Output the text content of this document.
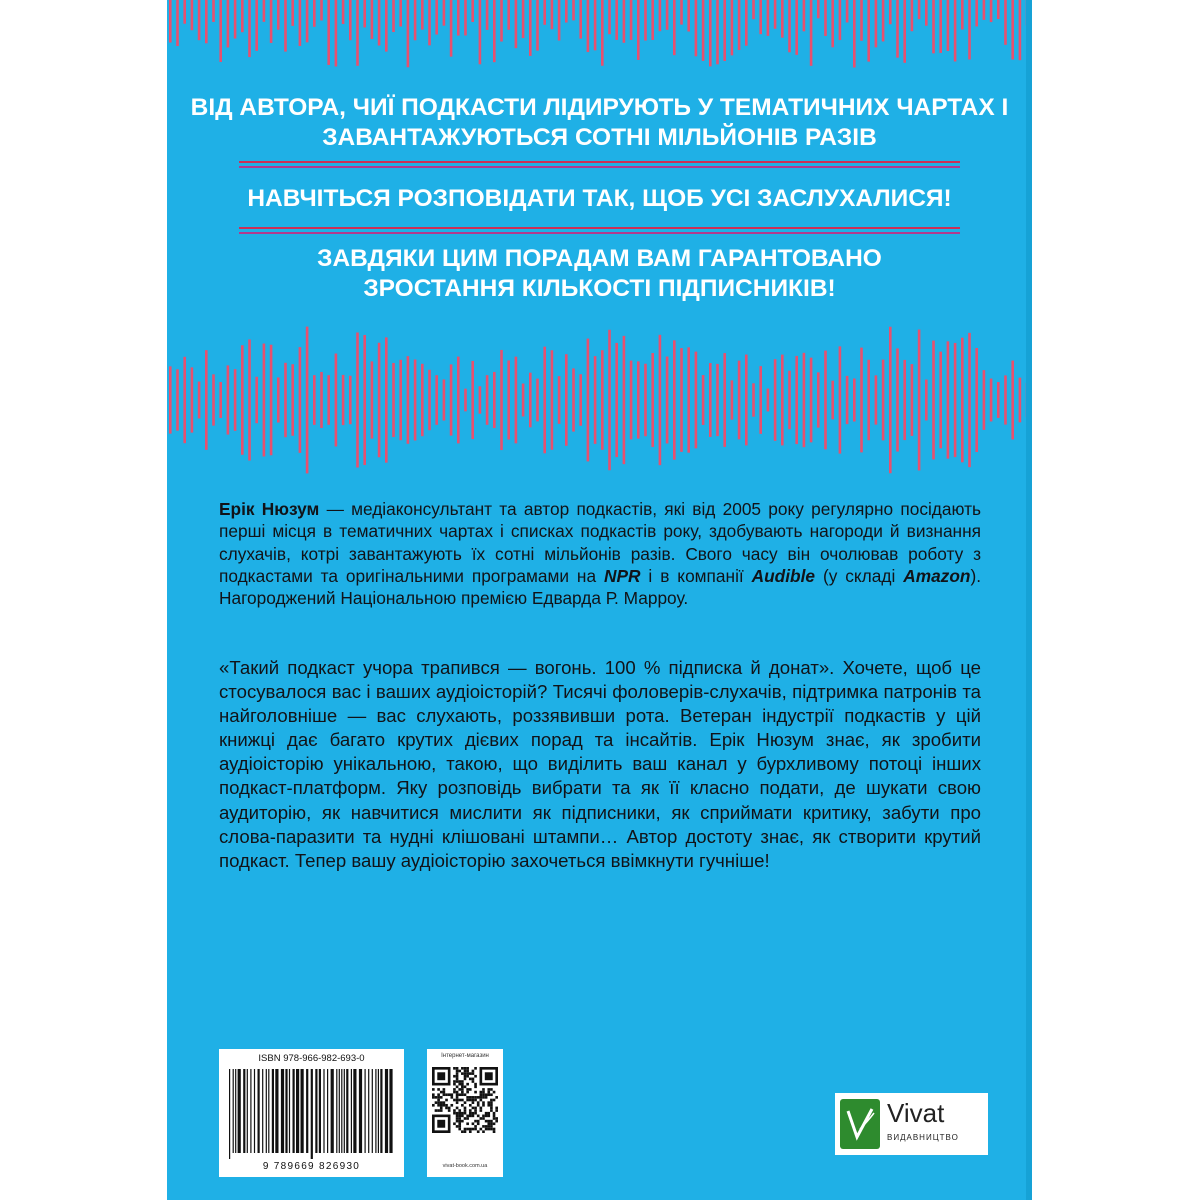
ВІД АВТОРА, ЧИЇ ПОДКАСТИ ЛІДИРУЮТЬ У ТЕМАТИЧНИХ ЧАРТАХ І ЗАВАНТАЖУЮТЬСЯ СОТНІ МІЛЬЙОНІВ РАЗІВ

НАВЧІТЬСЯ РОЗПОВІДАТИ ТАК, ЩОБ УСІ ЗАСЛУХАЛИСЯ!

ЗАВДЯКИ ЦИМ ПОРАДАМ ВАМ ГАРАНТОВАНО ЗРОСТАННЯ КІЛЬКОСТІ ПІДПИСНИКІВ!

Ерік Нюзум — медіаконсультант та автор подкастів, які від 2005 року регулярно посідають перші місця в тематичних чартах і списках подкастів року, здобувають нагороди й визнання слухачів, котрі завантажують їх сотні мільйонів разів. Свого часу він очолював роботу з подкастами та оригінальними програмами на NPR і в компанії Audible (у складі Amazon). Нагороджений Національною премією Едварда Р. Марроу.

«Такий подкаст учора трапився — вогонь. 100 % підписка й донат». Хочете, щоб це стосувалося вас і ваших аудіоісторій? Тисячі фоловерів-слухачів, підтримка патронів та найголовніше — вас слухають, роззявивши рота. Ветеран індустрії подкастів у цій книжці дає багато крутих дієвих порад та інсайтів. Ерік Нюзум знає, як зробити аудіоісторію унікальною, такою, що виділить ваш канал у бурхливому потоці інших подкаст-платформ. Яку розповідь вибрати та як її класно подати, де шукати свою аудиторію, як навчитися мислити як підписники, як сприймати критику, забути про слова-паразити та нудні клішовані штампи… Автор достоту знає, як створити крутий подкаст. Тепер вашу аудіоісторію захочеться ввімкнути гучніше!

ISBN 978-966-982-693-0
9 789669 826930
Інтернет-магазин
vivat-book.com.ua
Vivat
ВИДАВНИЦТВО
